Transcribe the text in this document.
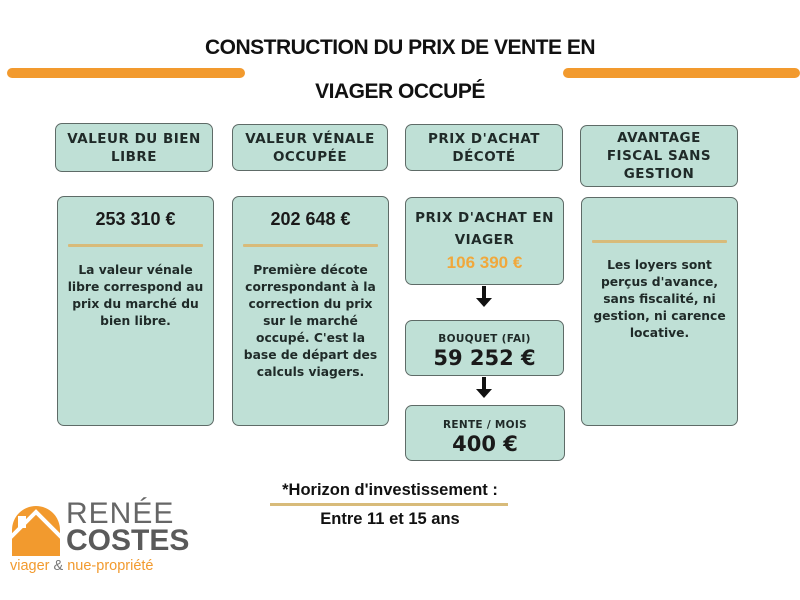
CONSTRUCTION DU PRIX DE VENTE EN
VIAGER OCCUPÉ
VALEUR DU BIEN LIBRE
VALEUR VÉNALE OCCUPÉE
PRIX D'ACHAT DÉCOTÉ
AVANTAGE FISCAL SANS GESTION
253 310 €
La valeur vénale libre correspond au prix du marché du bien libre.
202 648 €
Première décote correspondant à la correction du prix sur le marché occupé. C'est la base de départ des calculs viagers.
PRIX D'ACHAT EN VIAGER
106 390 €
BOUQUET (FAI)
59 252 €
RENTE / MOIS
400 €
Les loyers sont perçus d'avance, sans fiscalité, ni gestion, ni carence locative.
*Horizon d'investissement :
Entre 11 et 15 ans
RENÉE
COSTES
viager & nue-propriété
